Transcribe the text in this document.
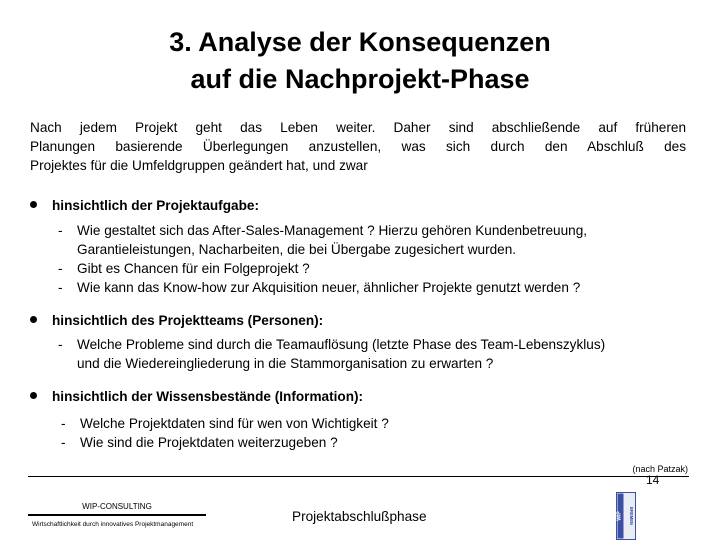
3. Analyse der Konsequenzen
auf die Nachprojekt-Phase
Nach jedem Projekt geht das Leben weiter. Daher sind abschließende auf früheren
Planungen basierende Überlegungen anzustellen, was sich durch den Abschluß des
Projektes für die Umfeldgruppen geändert hat, und zwar
hinsichtlich der Projektaufgabe:
- Wie gestaltet sich das After-Sales-Management ? Hierzu gehören Kundenbetreuung,
Garantieleistungen, Nacharbeiten, die bei Übergabe zugesichert wurden.
- Gibt es Chancen für ein Folgeprojekt ?
- Wie kann das Know-how zur Akquisition neuer, ähnlicher Projekte genutzt werden ?
hinsichtlich des Projektteams (Personen):
- Welche Probleme sind durch die Teamauflösung (letzte Phase des Team-Lebenszyklus)
und die Wiedereingliederung in die Stammorganisation zu erwarten ?
hinsichtlich der Wissensbestände (Information):
- Welche Projektdaten sind für wen von Wichtigkeit ?
- Wie sind die Projektdaten weiterzugeben ?
(nach Patzak)
WIP-CONSULTING
Wirtschaftlichkeit durch innovatives Projektmanagement
Projektabschlußphase	WIP BREMEN
14
